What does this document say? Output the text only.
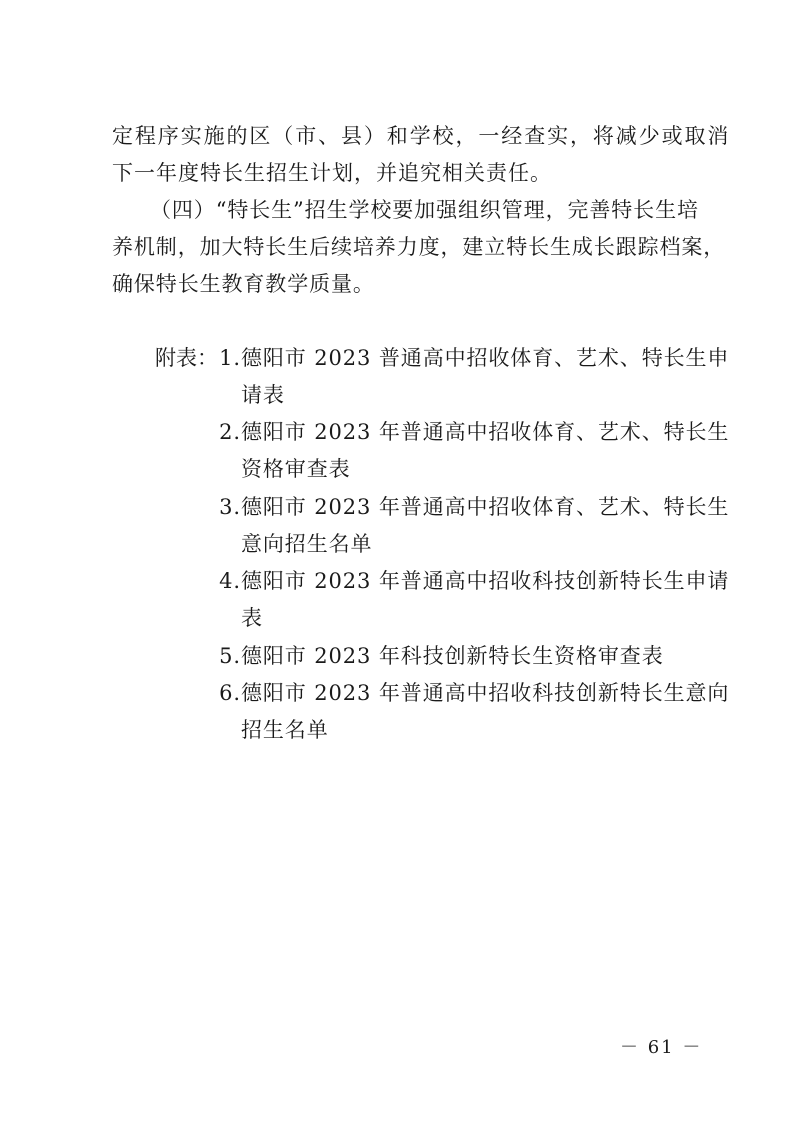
定程序实施的区（市、县）和学校，一经查实，将减少或取消
下一年度特长生招生计划，并追究相关责任。
（四）“特长生”招生学校要加强组织管理，完善特长生培
养机制，加大特长生后续培养力度，建立特长生成长跟踪档案，
确保特长生教育教学质量。
附表： 1.德阳市 2023 普通高中招收体育、艺术、特长生申
请表
2.德阳市 2023 年普通高中招收体育、艺术、特长生
资格审查表
3.德阳市 2023 年普通高中招收体育、艺术、特长生
意向招生名单
4.德阳市 2023 年普通高中招收科技创新特长生申请
表
5.德阳市 2023 年科技创新特长生资格审查表
6.德阳市 2023 年普通高中招收科技创新特长生意向
招生名单
－ 61 －
